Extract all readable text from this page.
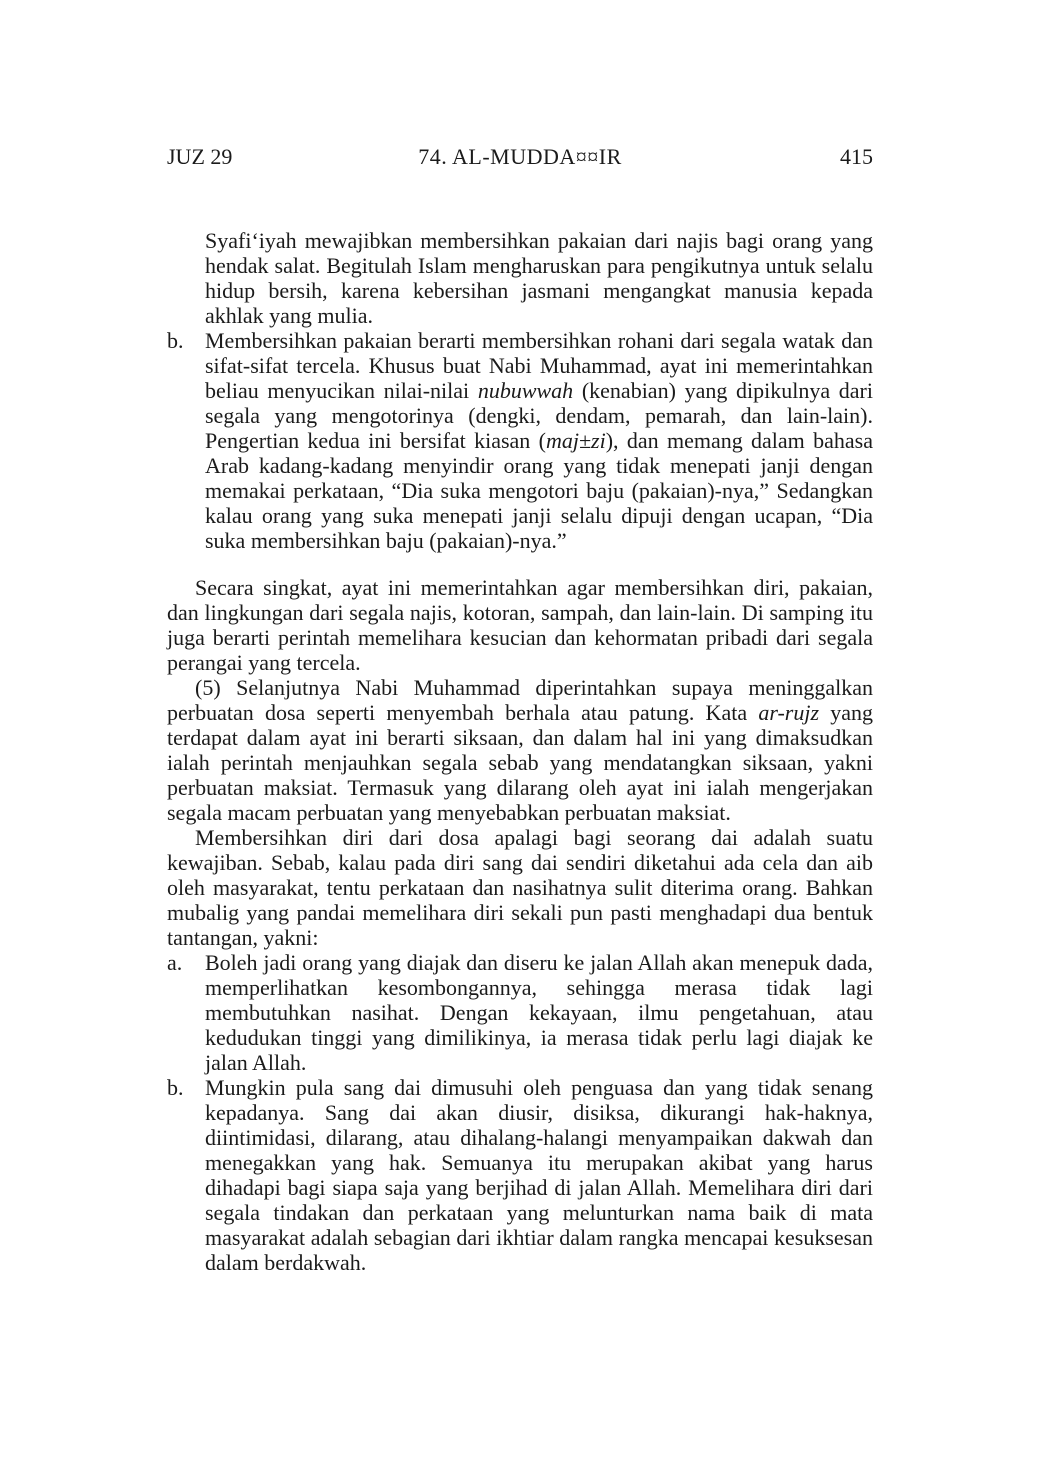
JUZ 29	74. AL-MUDDA¤¤IR	415
Syafi‘iyah mewajibkan membersihkan pakaian dari najis bagi orang yang hendak salat. Begitulah Islam mengharuskan para pengikutnya untuk selalu hidup bersih, karena kebersihan jasmani mengangkat manusia kepada akhlak yang mulia.
b. Membersihkan pakaian berarti membersihkan rohani dari segala watak dan sifat-sifat tercela. Khusus buat Nabi Muhammad, ayat ini memerintahkan beliau menyucikan nilai-nilai nubuwwah (kenabian) yang dipikulnya dari segala yang mengotorinya (dengki, dendam, pemarah, dan lain-lain). Pengertian kedua ini bersifat kiasan (maj±zi), dan memang dalam bahasa Arab kadang-kadang menyindir orang yang tidak menepati janji dengan memakai perkataan, “Dia suka mengotori baju (pakaian)-nya,” Sedangkan kalau orang yang suka menepati janji selalu dipuji dengan ucapan, “Dia suka membersihkan baju (pakaian)-nya.”
Secara singkat, ayat ini memerintahkan agar membersihkan diri, pakaian, dan lingkungan dari segala najis, kotoran, sampah, dan lain-lain. Di samping itu juga berarti perintah memelihara kesucian dan kehormatan pribadi dari segala perangai yang tercela.
(5) Selanjutnya Nabi Muhammad diperintahkan supaya meninggalkan perbuatan dosa seperti menyembah berhala atau patung. Kata ar-rujz yang terdapat dalam ayat ini berarti siksaan, dan dalam hal ini yang dimaksudkan ialah perintah menjauhkan segala sebab yang mendatangkan siksaan, yakni perbuatan maksiat. Termasuk yang dilarang oleh ayat ini ialah mengerjakan segala macam perbuatan yang menyebabkan perbuatan maksiat.
Membersihkan diri dari dosa apalagi bagi seorang dai adalah suatu kewajiban. Sebab, kalau pada diri sang dai sendiri diketahui ada cela dan aib oleh masyarakat, tentu perkataan dan nasihatnya sulit diterima orang. Bahkan mubalig yang pandai memelihara diri sekali pun pasti menghadapi dua bentuk tantangan, yakni:
a.	Boleh jadi orang yang diajak dan diseru ke jalan Allah akan menepuk dada, memperlihatkan kesombongannya, sehingga merasa tidak lagi membutuhkan nasihat. Dengan kekayaan, ilmu pengetahuan, atau kedudukan tinggi yang dimilikinya, ia merasa tidak perlu lagi diajak ke jalan Allah.
b. Mungkin pula sang dai dimusuhi oleh penguasa dan yang tidak senang kepadanya. Sang dai akan diusir, disiksa, dikurangi hak-haknya, diintimidasi, dilarang, atau dihalang-halangi menyampaikan dakwah dan menegakkan yang hak. Semuanya itu merupakan akibat yang harus dihadapi bagi siapa saja yang berjihad di jalan Allah. Memelihara diri dari segala tindakan dan perkataan yang melunturkan nama baik di mata masyarakat adalah sebagian dari ikhtiar dalam rangka mencapai kesuksesan dalam berdakwah.
